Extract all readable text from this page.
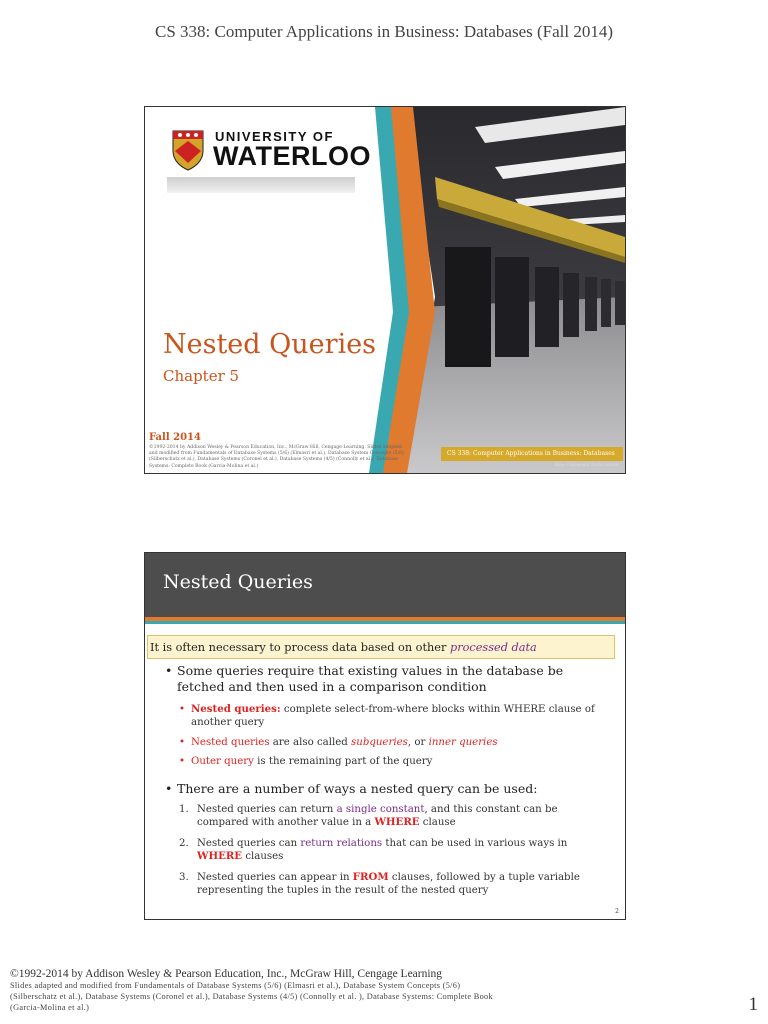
CS 338: Computer Applications in Business: Databases (Fall 2014)
UNIVERSITY OF
WATERLOO
Nested Queries
Chapter 5
Fall 2014
©1992-2014 by Addison Wesley & Pearson Education, Inc., McGraw Hill, Cengage Learning. Slides adapted and modified from Fundamentals of Database Systems (5/6) (Elmasri et al.), Database System Concepts (5/6) (Silberschatz et al.), Database Systems (Coronel et al.), Database Systems (4/5) (Connolly et al.), Database Systems: Complete Book (Garcia-Molina et al.)
CS 338: Computer Applications in Business: Databases
Rice University Data Center
Nested Queries
It is often necessary to process data based on other processed data
• Some queries require that existing values in the database be fetched and then used in a comparison condition
• Nested queries: complete select-from-where blocks within WHERE clause of another query
• Nested queries are also called subqueries, or inner queries
• Outer query is the remaining part of the query
• There are a number of ways a nested query can be used:
1. Nested queries can return a single constant, and this constant can be compared with another value in a WHERE clause
2. Nested queries can return relations that can be used in various ways in WHERE clauses
3. Nested queries can appear in FROM clauses, followed by a tuple variable representing the tuples in the result of the nested query
2
©1992-2014 by Addison Wesley & Pearson Education, Inc., McGraw Hill, Cengage Learning
Slides adapted and modified from Fundamentals of Database Systems (5/6) (Elmasri et al.), Database System Concepts (5/6)
(Silberschatz et al.), Database Systems (Coronel et al.), Database Systems (4/5) (Connolly et al. ), Database Systems: Complete Book
(Garcia-Molina et al.)	1
